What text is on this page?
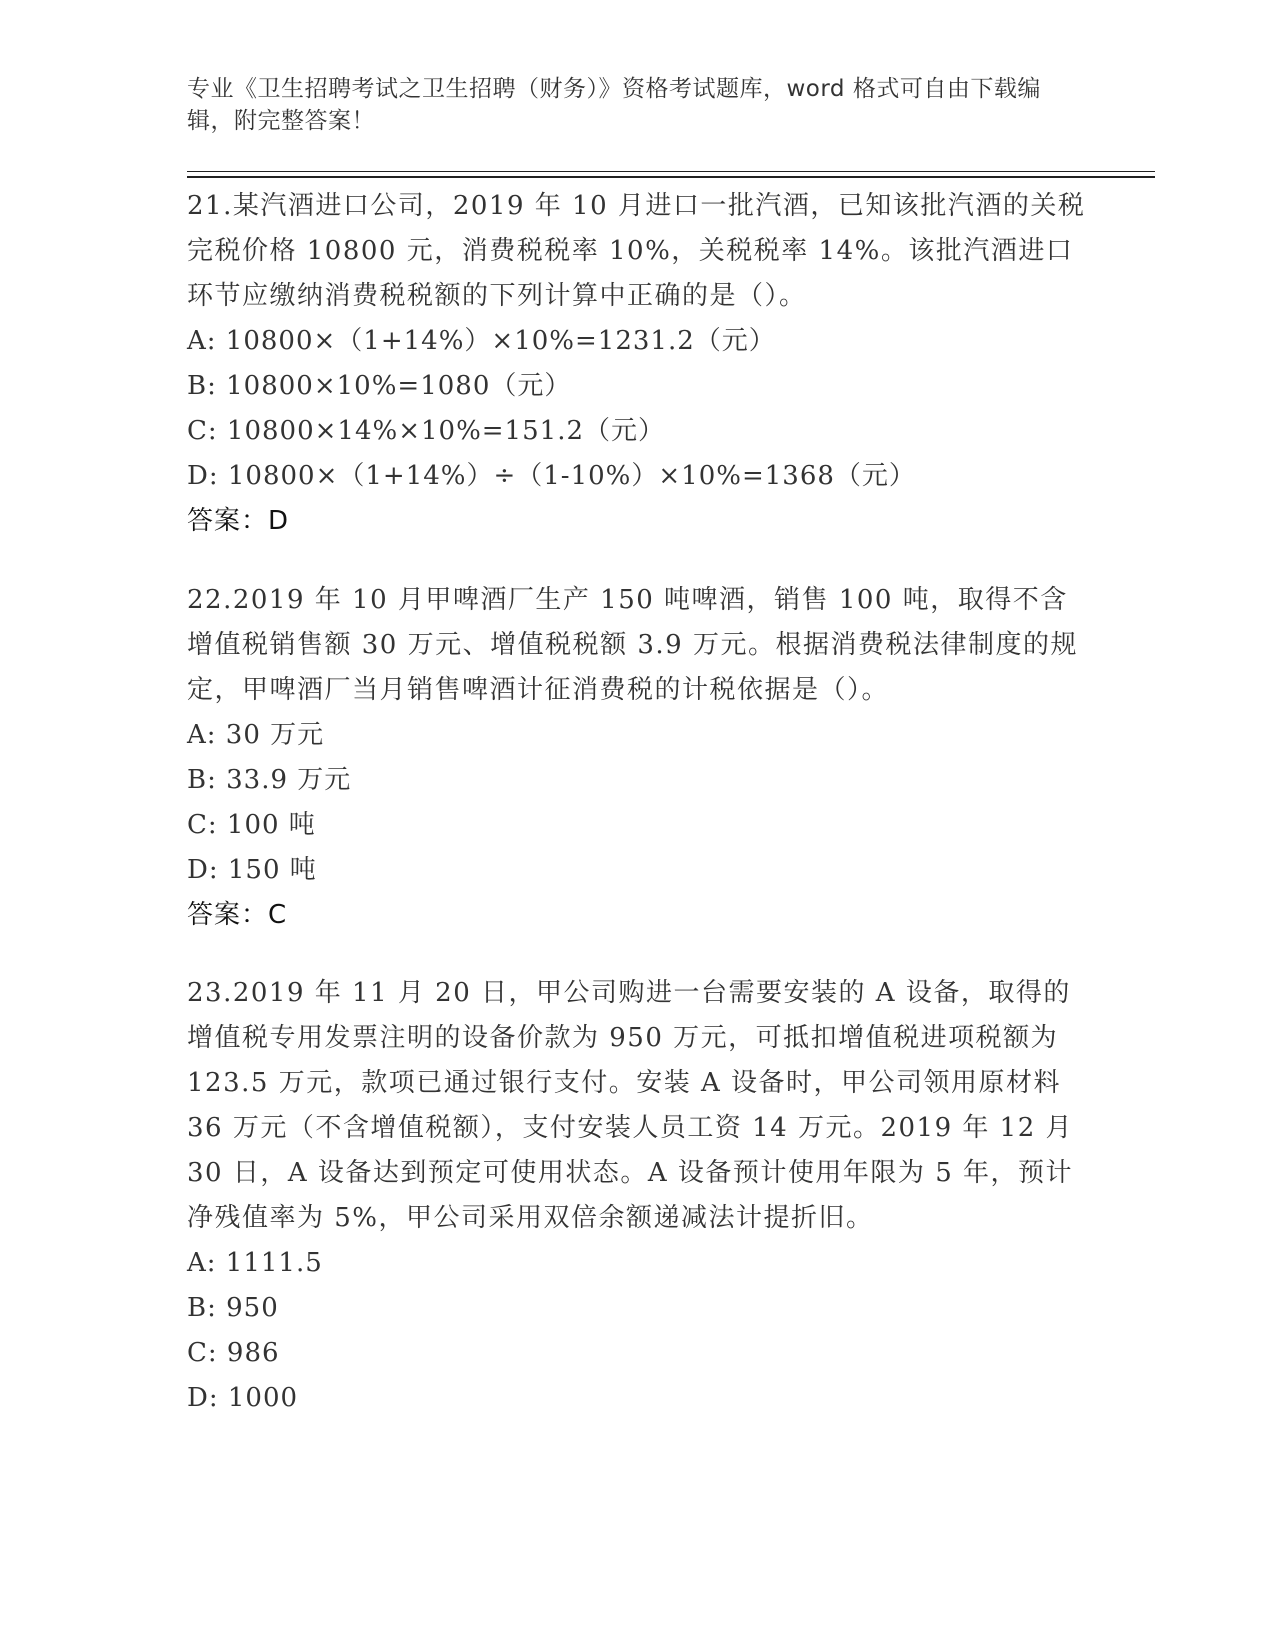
专业《卫生招聘考试之卫生招聘（财务）》资格考试题库，word 格式可自由下载编辑，附完整答案！

21.某汽酒进口公司，2019 年 10 月进口一批汽酒，已知该批汽酒的关税完税价格 10800 元，消费税税率 10%，关税税率 14%。该批汽酒进口环节应缴纳消费税税额的下列计算中正确的是（）。

A: 10800×（1+14%）×10%=1231.2（元）

B: 10800×10%=1080（元）

C: 10800×14%×10%=151.2（元）

D: 10800×（1+14%）÷（1-10%）×10%=1368（元）

答案：D

22.2019 年 10 月甲啤酒厂生产 150 吨啤酒，销售 100 吨，取得不含增值税销售额 30 万元、增值税税额 3.9 万元。根据消费税法律制度的规定，甲啤酒厂当月销售啤酒计征消费税的计税依据是（）。

A: 30 万元

B: 33.9 万元

C: 100 吨

D: 150 吨

答案：C

23.2019 年 11 月 20 日，甲公司购进一台需要安装的 A 设备，取得的增值税专用发票注明的设备价款为 950 万元，可抵扣增值税进项税额为 123.5 万元，款项已通过银行支付。安装 A 设备时，甲公司领用原材料 36 万元（不含增值税额），支付安装人员工资 14 万元。2019 年 12 月 30 日，A 设备达到预定可使用状态。A 设备预计使用年限为 5 年，预计净残值率为 5%，甲公司采用双倍余额递减法计提折旧。

A: 1111.5

B: 950

C: 986

D: 1000
